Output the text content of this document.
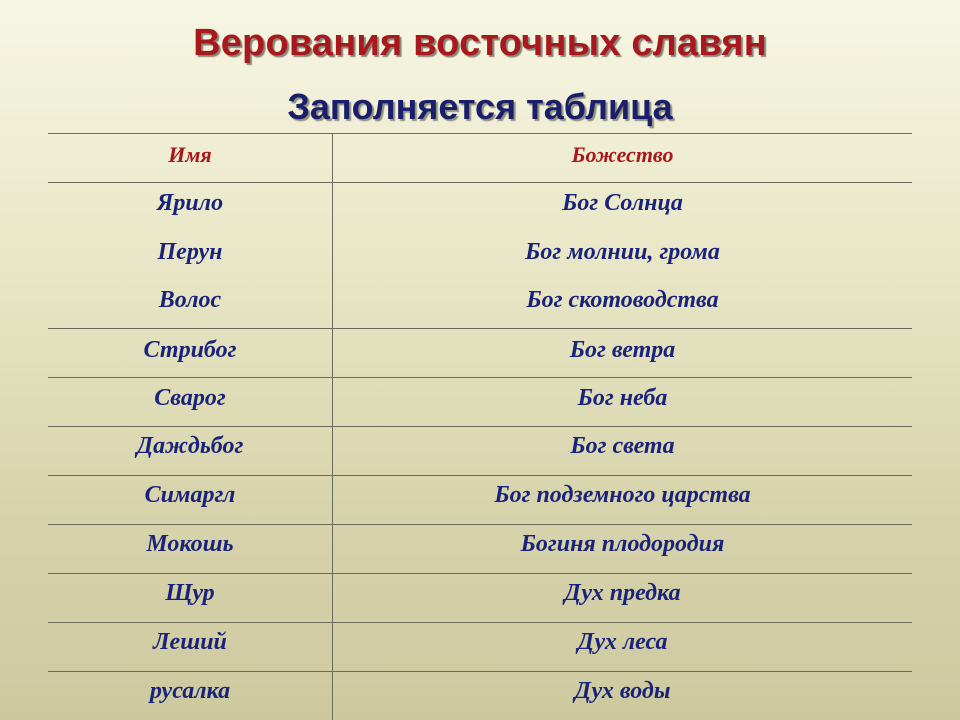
Верования восточных славян
Заполняется таблица
Имя	Божество
Ярило	Бог Солнца
Перун	Бог молнии, грома
Волос	Бог скотоводства
Стрибог	Бог ветра
Сварог	Бог неба
Даждьбог	Бог света
Симаргл	Бог подземного царства
Мокошь	Богиня плодородия
Щур	Дух предка
Леший	Дух леса
русалка	Дух воды
